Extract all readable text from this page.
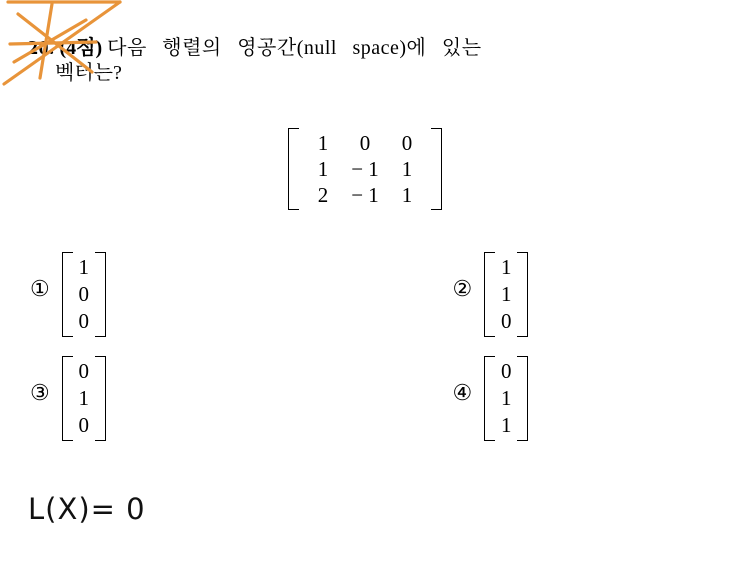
20. (4점) 다음 행렬의 영공간(null space)에 있는
벡터는?
1	0	0
1	− 1	1
2	− 1	1
①
1
0
0
②
1
1
0
③
0
1
0
④
0
1
1
L(X)= 0
